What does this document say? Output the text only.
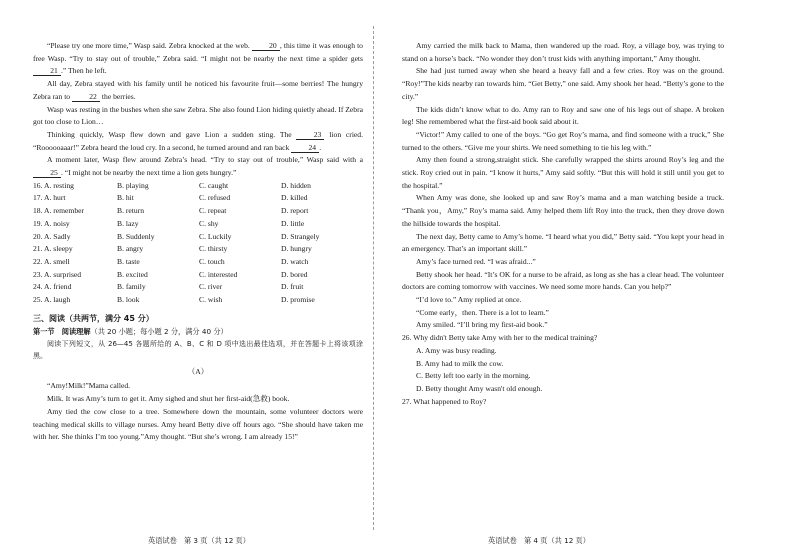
“Please try one more time,” Wasp said. Zebra knocked at the web.	20 , this time it was enough to free Wasp. “Try to stay out of trouble,” Zebra said. “I might not be nearby the next time a spider gets 21 .” Then he left.

All day, Zebra stayed with his family until he noticed his favourite fruit—some berries! The hungry Zebra ran to	22 the berries.

Wasp was resting in the bushes when she saw Zebra. She also found Lion hiding quietly ahead. If Zebra got too close to Lion…

Thinking quickly, Wasp flew down and gave Lion a sudden sting. The	23 lion cried. “Roooooaaar!” Zebra heard the loud cry. In a second, he turned around and ran back	24 .

A moment later, Wasp flew around Zebra’s head. “Try to stay out of trouble,” Wasp said with a 25 . “I might not be nearby the next time a lion gets hungry.”

16. A. resting	B. playing	C. caught	D. hidden
17. A. hurt	B. hit	C. refused	D. killed
18. A. remember	B. return	C. repeat	D. report
19. A. noisy	B. lazy	C. shy	D. little
20. A. Sadly	B. Suddenly	C. Luckily	D. Strangely
21. A. sleepy	B. angry	C. thirsty	D. hungry
22. A. smell	B. taste	C. touch	D. watch
23. A. surprised	B. excited	C. interested	D. bored
24. A. friend	B. family	C. river	D. fruit
25. A. laugh	B. look	C. wish	D. promise
三、阅读（共两节，满分 45 分）
第一节　阅读理解（共 20 小题；每小题 2 分，满分 40 分）

阅读下列短文，从 26—45 各题所给的 A、B、C 和 D 项中选出最佳选项，并在答题卡上将该项涂黑。

（A）

“Amy!Milk!”Mama called.

Milk. It was Amy’s turn to get it. Amy sighed and shut her first-aid(急救) book.

Amy tied the cow close to a tree. Somewhere down the mountain, some volunteer doctors were teaching medical skills to village nurses. Amy heard Betty dive off hours ago. “She should have taken me with her. She thinks I’m too young.”Amy thought. “But she’s wrong. I am already 15!”

Amy carried the milk back to Mama, then wandered up the road. Roy, a village boy, was trying to stand on a horse’s back. “No wonder they don’t trust kids with anything important,” Amy thought.

She had just turned away when she heard a heavy fall and a few cries. Roy was on the ground. “Roy!”The kids nearby ran towards him. “Get Betty,” one said. Amy shook her head. “Betty’s gone to the city.”

The kids didn’t know what to do. Amy ran to Roy and saw one of his legs out of shape. A broken leg! She remembered what the first-aid book said about it.

“Victor!” Amy called to one of the boys. “Go get Roy’s mama, and find someone with a truck,” She turned to the others. “Give me your shirts. We need something to tie his leg with.”

Amy then found a strong,straight stick. She carefully wrapped the shirts around Roy’s leg and the stick. Roy cried out in pain. “I know it hurts,” Amy said softly. “But this will hold it still until you get to the hospital.”

When Amy was done, she looked up and saw Roy’s mama and a man watching beside a truck. “Thank you，Amy,” Roy’s mama said. Amy helped them lift Roy into the truck, then they drove down the hillside towards the hospital.

The next day, Betty came to Amy’s home. “I heard what you did,” Betty said. “You kept your head in an emergency. That’s an important skill.”

Amy’s face turned red. “I was afraid...”

Betty shook her head. “It’s OK for a nurse to be afraid, as long as she has a clear head. The volunteer doctors are coming tomorrow with vaccines. We need some more hands. Can you help?”

“I’d love to.” Amy replied at once.

“Come early，then. There is a lot to learn.”

Amy smiled. “I’ll bring my first-aid book.”

26. Why didn't Betty take Amy with her to the medical training?

A. Amy was busy reading.

B. Amy had to milk the cow.

C. Betty left too early in the morning.

D. Betty thought Amy wasn't old enough.

27. What happened to Roy?

英语试卷　第 3 页（共 12 页）	英语试卷　第 4 页（共 12 页）
